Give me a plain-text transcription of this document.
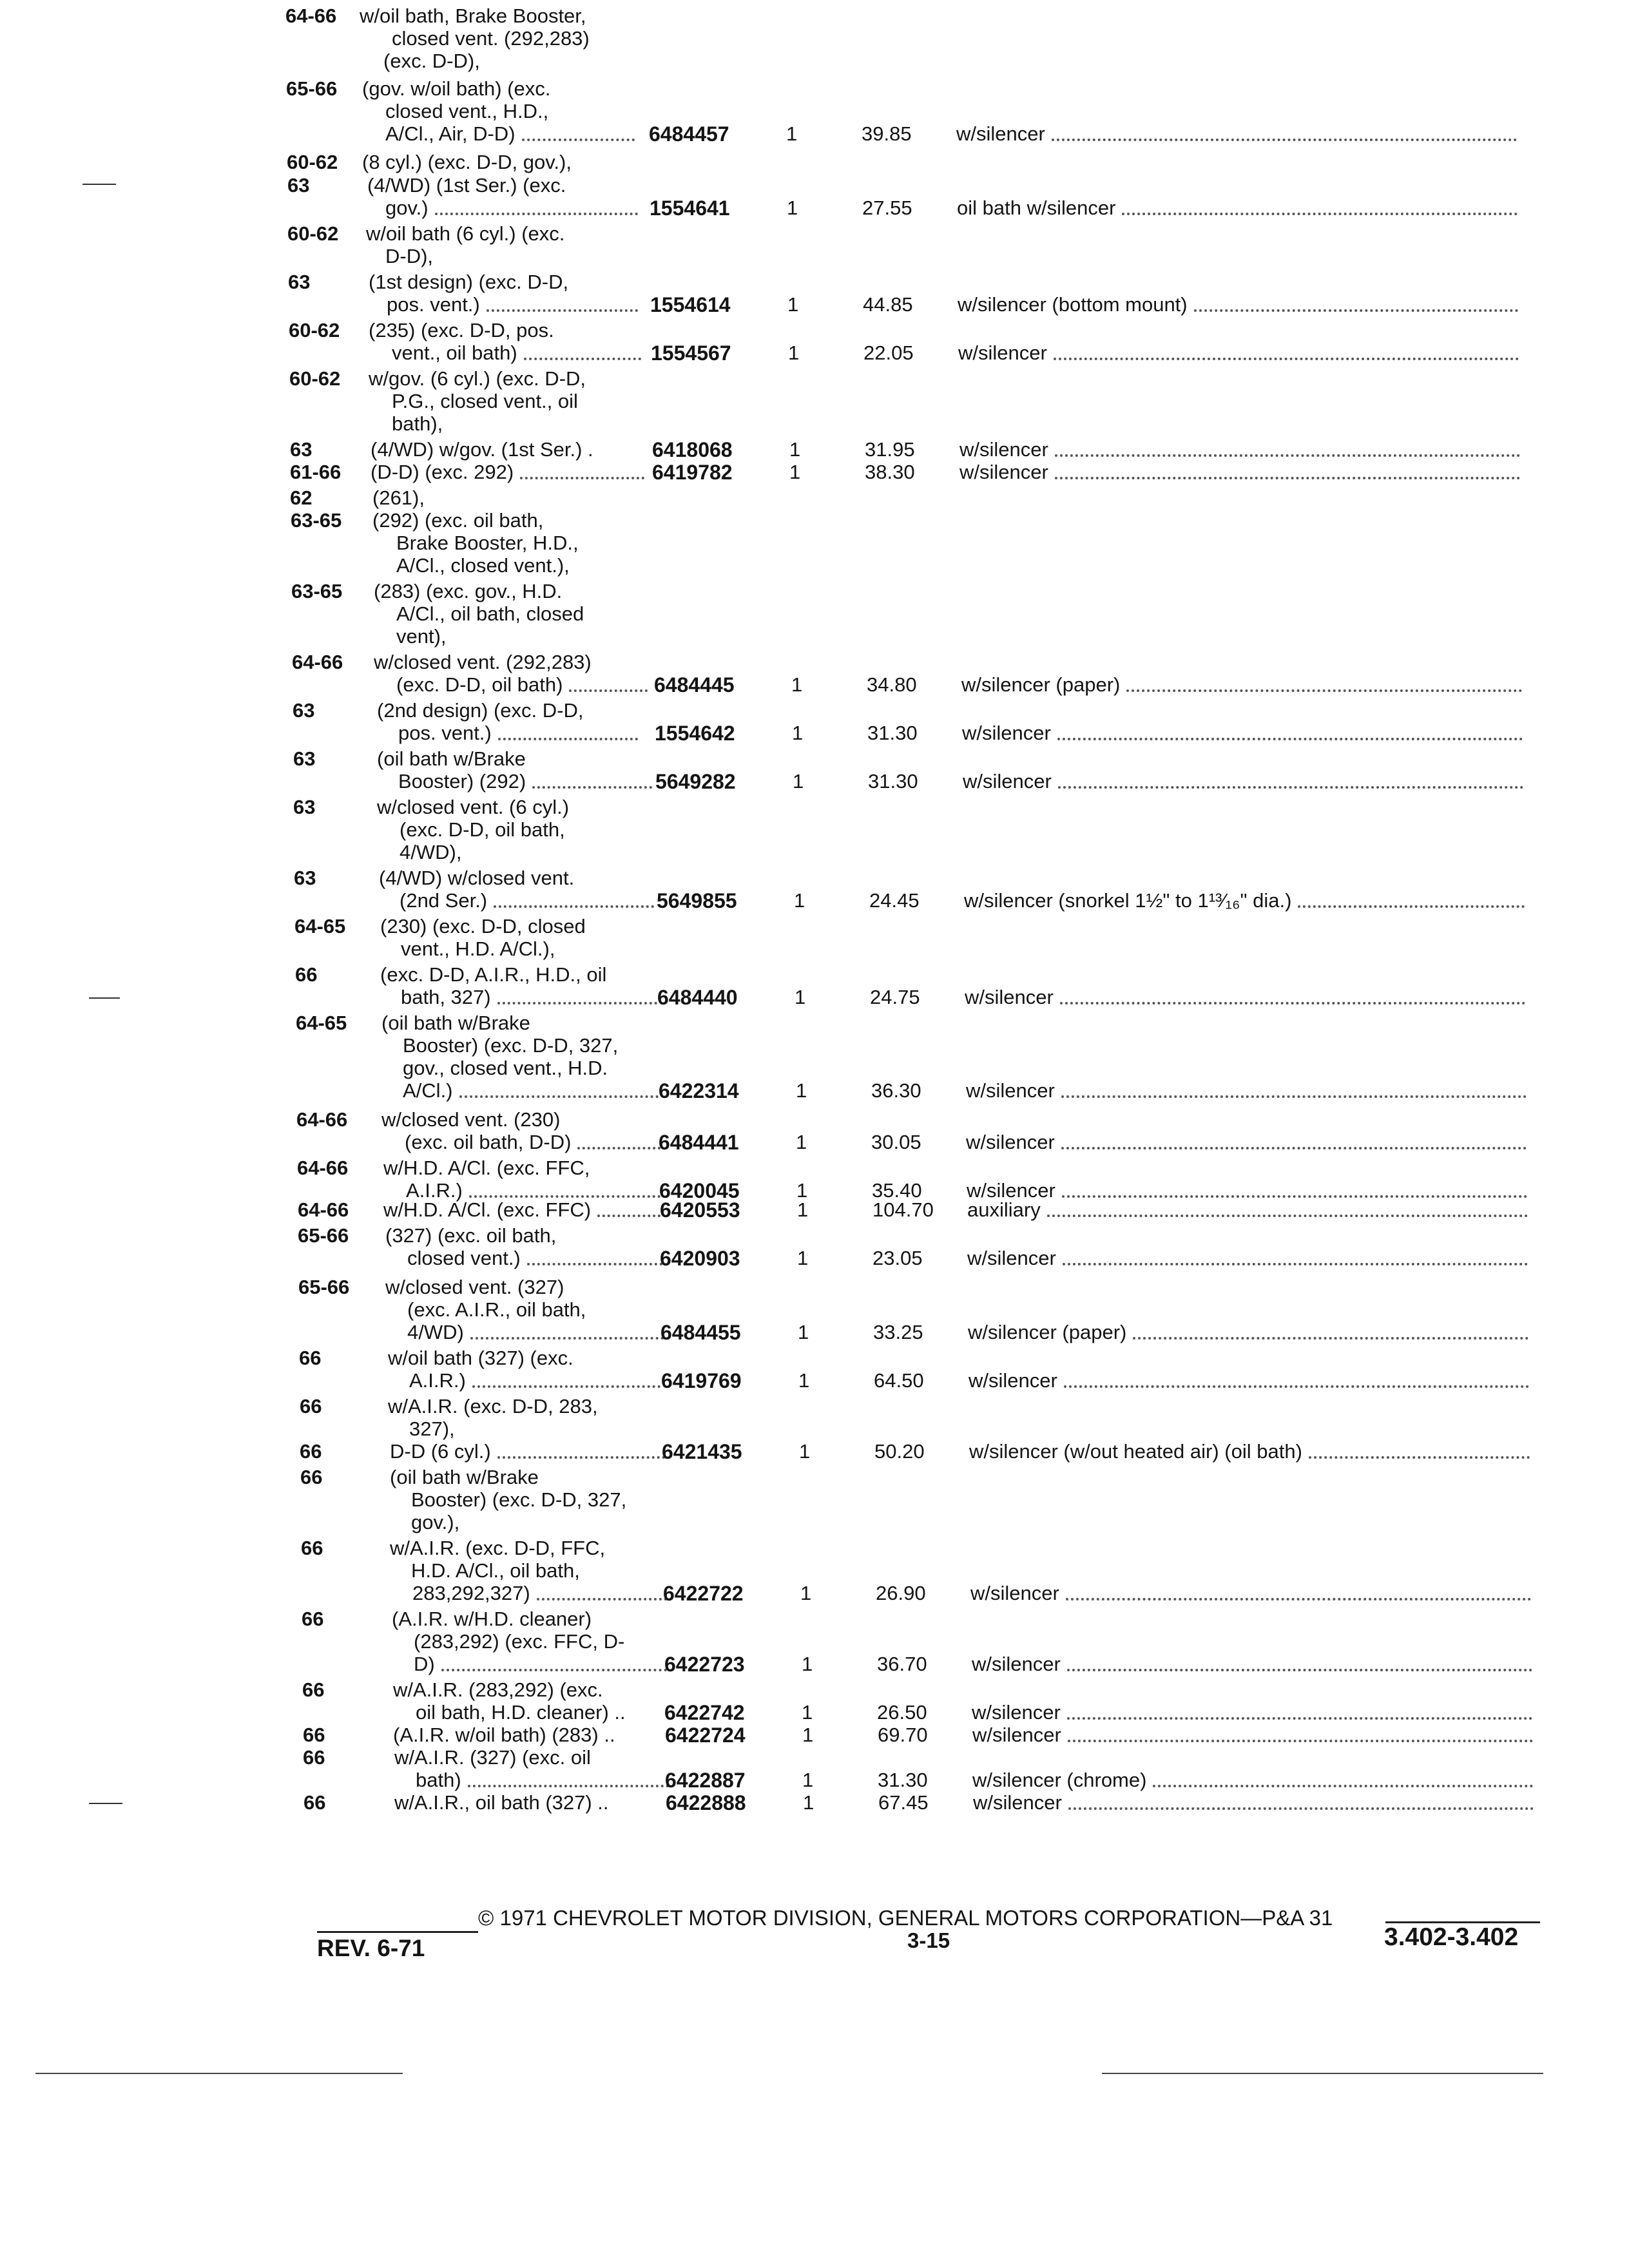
64-66 w/oil bath, Brake Booster,
closed vent. (292,283)
(exc. D-D),
65-66 (gov. w/oil bath) (exc.
closed vent., H.D.,
A/Cl., Air, D-D)	6484457	1	39.85 w/silencer
60-62 (8 cyl.) (exc. D-D, gov.),
63	(4/WD) (1st Ser.) (exc.
gov.)	1554641	1	27.55 oil bath w/silencer
60-62 w/oil bath (6 cyl.) (exc.
D-D),
63	(1st design) (exc. D-D,
pos. vent.)	1554614	1	44.85 w/silencer (bottom mount)
60-62 (235) (exc. D-D, pos.
vent., oil bath)	1554567	1	22.05 w/silencer
60-62 w/gov. (6 cyl.) (exc. D-D,
P.G., closed vent., oil
bath),
63	(4/WD) w/gov. (1st Ser.) .	6418068	1	31.95 w/silencer
61-66 (D-D) (exc. 292)	6419782	1	38.30 w/silencer
62	(261),
63-65 (292) (exc. oil bath,
Brake Booster, H.D.,
A/Cl., closed vent.),
63-65 (283) (exc. gov., H.D.
A/Cl., oil bath, closed
vent),
64-66 w/closed vent. (292,283)
(exc. D-D, oil bath)	6484445	1	34.80 w/silencer (paper)
63	(2nd design) (exc. D-D,
pos. vent.)	1554642	1	31.30 w/silencer
63	(oil bath w/Brake
Booster) (292)	5649282	1	31.30 w/silencer
63	w/closed vent. (6 cyl.)
(exc. D-D, oil bath,
4/WD),
63	(4/WD) w/closed vent.
(2nd Ser.)	5649855	1	24.45 w/silencer (snorkel 1½" to 1¹³⁄₁₆" dia.)
64-65 (230) (exc. D-D, closed
vent., H.D. A/Cl.),
66	(exc. D-D, A.I.R., H.D., oil
bath, 327)	6484440	1	24.75 w/silencer
64-65 (oil bath w/Brake
Booster) (exc. D-D, 327,
gov., closed vent., H.D.
A/Cl.)	6422314	1	36.30 w/silencer
64-66 w/closed vent. (230)
(exc. oil bath, D-D)	6484441	1	30.05 w/silencer
64-66 w/H.D. A/Cl. (exc. FFC,
A.I.R.)	6420045	1	35.40 w/silencer
64-66 w/H.D. A/Cl. (exc. FFC)	6420553	1	104.70 auxiliary
65-66 (327) (exc. oil bath,
closed vent.)	6420903	1	23.05 w/silencer
65-66 w/closed vent. (327)
(exc. A.I.R., oil bath,
4/WD)	6484455	1	33.25 w/silencer (paper)
66	w/oil bath (327) (exc.
A.I.R.)	6419769	1	64.50 w/silencer
66	w/A.I.R. (exc. D-D, 283,
327),
66	D-D (6 cyl.)	6421435	1	50.20 w/silencer (w/out heated air) (oil bath)
66	(oil bath w/Brake
Booster) (exc. D-D, 327,
gov.),
66	w/A.I.R. (exc. D-D, FFC,
H.D. A/Cl., oil bath,
283,292,327)	6422722	1	26.90 w/silencer
66	(A.I.R. w/H.D. cleaner)
(283,292) (exc. FFC, D-
D)	6422723	1	36.70 w/silencer
66	w/A.I.R. (283,292) (exc.
oil bath, H.D. cleaner) .. 6422742	1	26.50 w/silencer
66	(A.I.R. w/oil bath) (283) .. 6422724	1	69.70 w/silencer
66	w/A.I.R. (327) (exc. oil
bath)	6422887	1	31.30 w/silencer (chrome)
66	w/A.I.R., oil bath (327) ..	6422888	1	67.45 w/silencer
© 1971 CHEVROLET MOTOR DIVISION, GENERAL MOTORS CORPORATION—P&A 31
REV. 6-71	3-15	3.402-3.402
